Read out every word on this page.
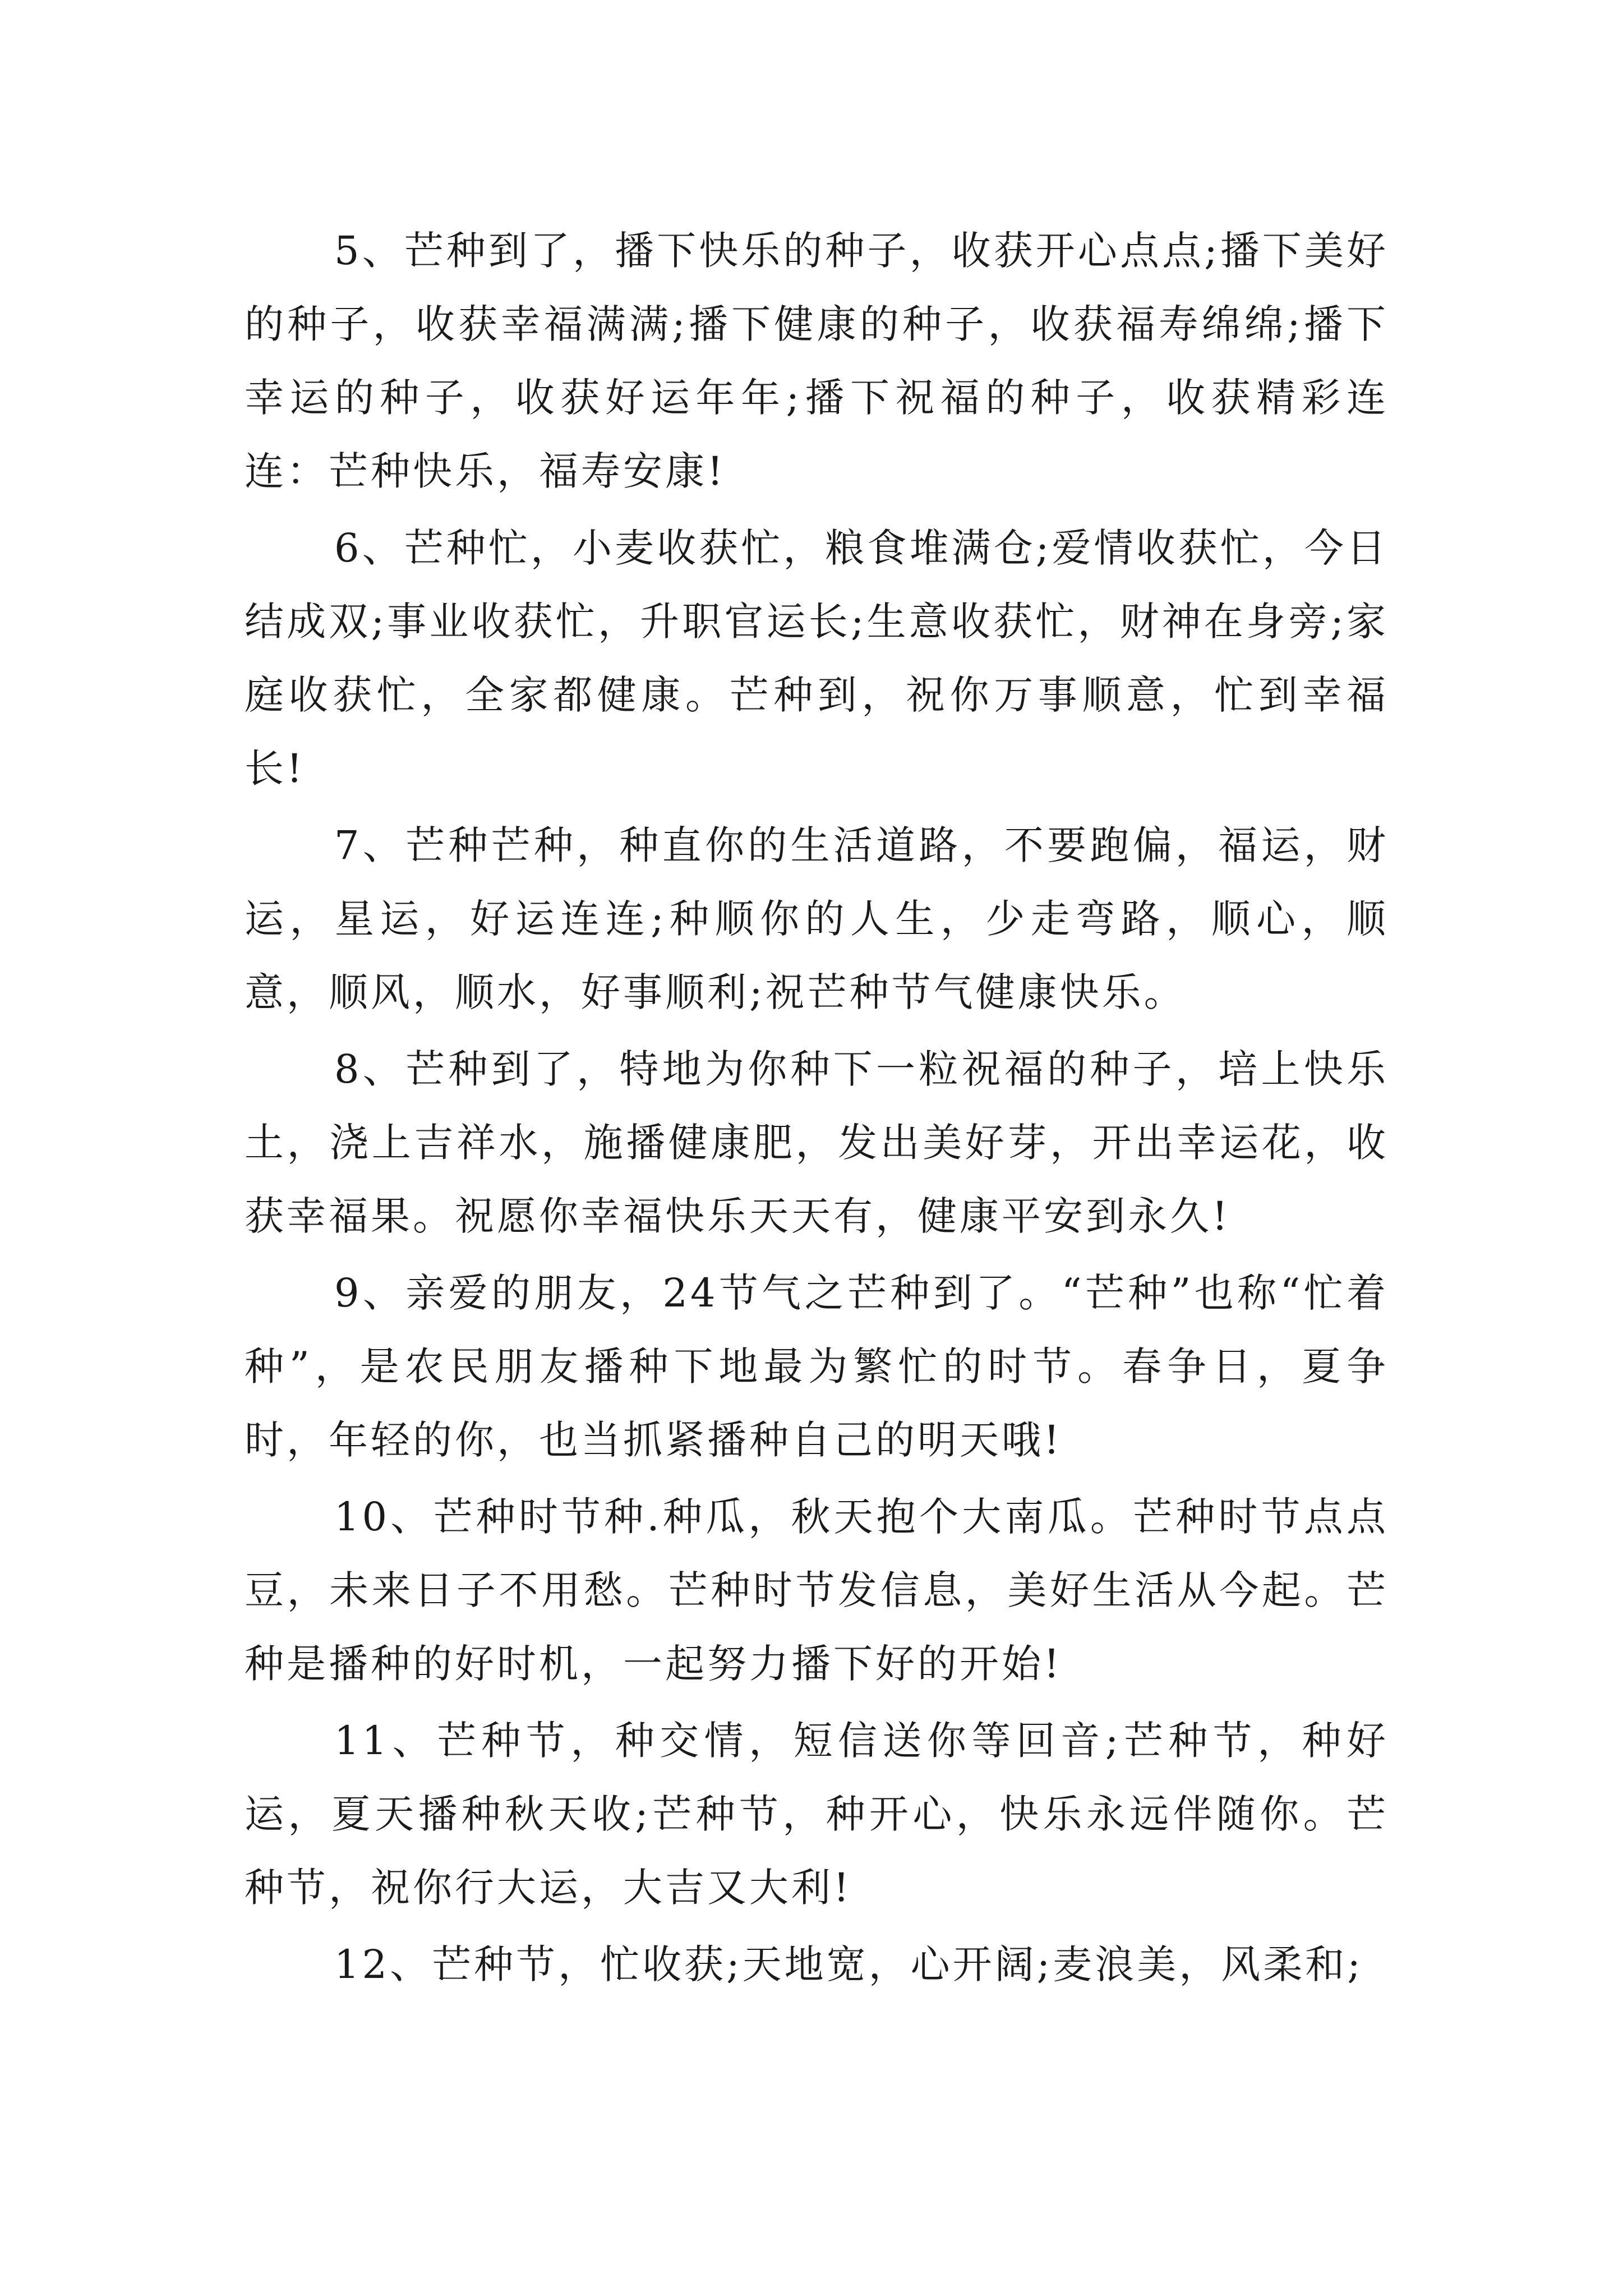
5、芒种到了，播下快乐的种子，收获开心点点;播下美好的种子，收获幸福满满;播下健康的种子，收获福寿绵绵;播下幸运的种子，收获好运年年;播下祝福的种子，收获精彩连连：芒种快乐，福寿安康!

6、芒种忙，小麦收获忙，粮食堆满仓;爱情收获忙，今日结成双;事业收获忙，升职官运长;生意收获忙，财神在身旁;家庭收获忙，全家都健康。芒种到，祝你万事顺意，忙到幸福长!

7、芒种芒种，种直你的生活道路，不要跑偏，福运，财运，星运，好运连连;种顺你的人生，少走弯路，顺心，顺意，顺风，顺水，好事顺利;祝芒种节气健康快乐。

8、芒种到了，特地为你种下一粒祝福的种子，培上快乐土，浇上吉祥水，施播健康肥，发出美好芽，开出幸运花，收获幸福果。祝愿你幸福快乐天天有，健康平安到永久!

9、亲爱的朋友，24节气之芒种到了。“芒种”也称“忙着种”，是农民朋友播种下地最为繁忙的时节。春争日，夏争时，年轻的你，也当抓紧播种自己的明天哦!

10、芒种时节种.种瓜，秋天抱个大南瓜。芒种时节点点豆，未来日子不用愁。芒种时节发信息，美好生活从今起。芒种是播种的好时机，一起努力播下好的开始!

11、芒种节，种交情，短信送你等回音;芒种节，种好运，夏天播种秋天收;芒种节，种开心，快乐永远伴随你。芒种节，祝你行大运，大吉又大利!

12、芒种节，忙收获;天地宽，心开阔;麦浪美，风柔和;
